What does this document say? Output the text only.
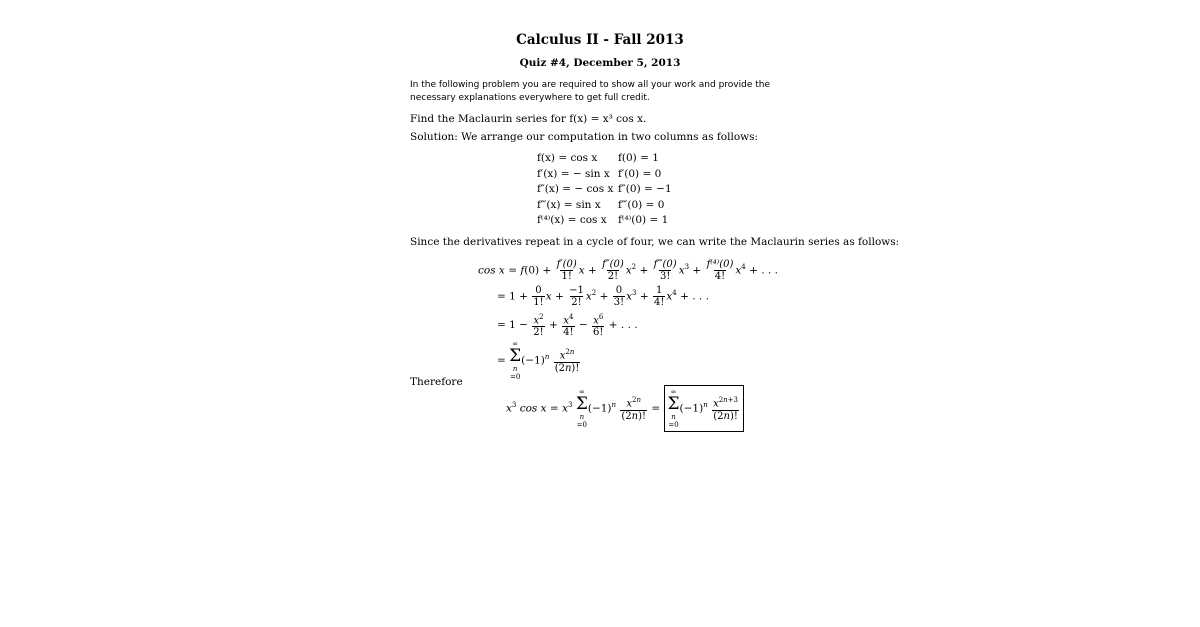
Calculus II - Fall 2013
Quiz #4, December 5, 2013
In the following problem you are required to show all your work and provide the necessary explanations everywhere to get full credit.
Find the Maclaurin series for f(x) = x³ cos x.
Solution: We arrange our computation in two columns as follows:
f(x) = cos x f(0) = 1
f′(x) = − sin x f′(0) = 0
f″(x) = − cos x f″(0) = −1
f‴(x) = sin x f‴(0) = 0
f⁽⁴⁾(x) = cos x f⁽⁴⁾(0) = 1
Since the derivatives repeat in a cycle of four, we can write the Maclaurin series as follows:
$\cos x = f(0) + \frac{f'(0)}{1!}$ $x + \frac{f''(0)}{2!} x^2 + \frac{f‴(0)}{3!} x^3 + \frac{\text{f⁽⁴⁾(0)}}{4!} x^4$ + . . .
= $1 + \frac{0}{1!}$ $x + \frac{-1}{2!} x^2 + \frac{0}{3!} x^3 + \frac{1}{4!} x^4$ + . . .
= $1 - \frac{x^2}{2!} + \frac{x^4}{4!} - \frac{x^6}{6!}$ + . . .
=
∞
Σ
n
$=0(-1)^n \frac{x^{2n}}{(2n)!}$
Therefore
$x^3$ $\cos x = x^3$
∞
Σ
n
$=0(-1)^n \frac{x^{2n}}{(2n)!}$ =
∞
Σ
n
$=0(-1)^n \frac{x^{2n+3}}{(2n)!}$
